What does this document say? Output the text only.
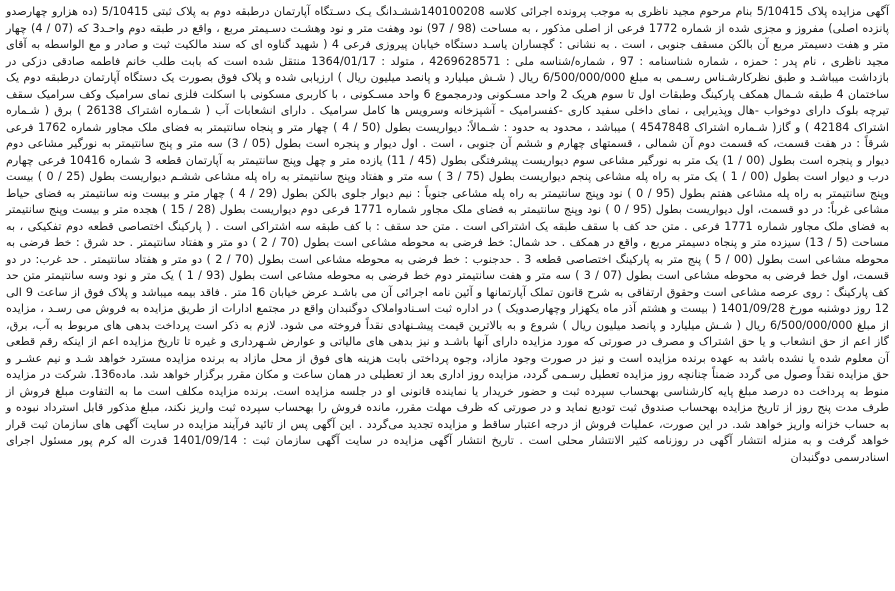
آگهی مزایده پلاک 5/10415 بنام مرحوم مجید ناظری به موجب پرونده اجرائی کلاسه 140100208ششـدانگ یـک دسـتگاه آپارتمان درطبقه دوم به پلاک ثبتی 5/10415 (ده هزارو چهارصدو پانزده اصلی) مفروز و مجزی شده از شماره 1772 فرعی از اصلی مذکور ، به مساحت (98 / 97) نود وهفت متر و نود وهشـت دسـیمتر مربع ، واقع در طبقه دوم واحـد3 که (07 / 4) چهار متر و هفت دسیمتر مربع آن بالکن مسقف جنوبی ، است . به نشانی : گچساران یاسـد دستگاه خیابان پیروزی فرعی 4 ( شهید گناوه ای که سند مالکیت ثبت و صادر و مع الواسطه به آقای مجید ناظری ، نام پدر : حمزه ، شماره شناسنامه : 97 ، شماره/شناسه ملی : 4269628571 ، متولد : 1364/01/17 منتقل شده است که بابت طلب خانم فاطمه صادقی دزکی در بازداشت میباشـد و طبق نظرکارشـناس رسـمی به مبلغ 6/500/000/000 ریال ( شـش میلیارد و پانصد میلیون ریال ) ارزیابی شده و پلاک فوق بصورت یک دستگاه آپارتمان درطبقه دوم یک ساختمان 4 طبقه شـمال همکف پارکینگ وطبقات اول تا سوم هریک 2 واحد مسـکونی ودرمجموع 6 واحد مسـکونی ، با کاربری مسکونی با اسکلت فلزی نمای سرامیک وکف سرامیک سقف تیرچه بلوک دارای دوخواب -هال وپذیرایی ، نمای داخلی سفید کاری -کفسرامیک - آشپزخانه وسرویس ها کامل سرامیک . دارای انشعابات آب ( شـماره اشتراک 26138 ) برق ( شـماره اشتراک 42184 ) و گاز( شـماره اشتراک 4547848 ) میباشد ، محدود به حدود : شـمالاً: دیواریست بطول (50 / 4 ) چهار متر و پنجاه سانتیمتر به فضای ملک مجاور شماره 1762 فرعی شرقاً : در هفت قسمت، که قسمت دوم آن شمالی ، قسمتهای چهارم و ششم آن جنوبی ، است . اول دیوار و پنجره است بطول (05 / 3) سه متر و پنج سانتیمتر به نورگیر مشاعی دوم دیوار و پنجره است بطول (00 / 1) یک متر به نورگیر مشاعی سوم دیواریست پیشرفتگی بطول (45 / 11) یازده متر و چهل وپنج سانتیمتر به آپارتمان قطعه 3 شماره 10416 فرعی چهارم درب و دیوار است بطول (00 / 1 ) یک متر به راه پله مشاعی پنجم دیواریست بطول (75 / 3 ) سه متر و هفتاد وپنج سانتیمتر به راه پله مشاعی ششـم دیواریست بطول (25 / 0 ) بیست وپنج سانتیمتر به راه پله مشاعی هفتم بطول (95 / 0 ) نود وپنج سانتیمتر به راه پله مشاعی جنوباً : نیم دیوار جلوی بالکن بطول (29 / 4 ) چهار متر و بیست ونه سانتیمتر به فضای حیاط مشاعی غرباً: در دو قسمت، اول دیواریست بطول (95 / 0 ) نود وپنج سانتیمتر به فضای ملک مجاور شماره 1771 فرعی دوم دیواریست بطول (28 / 15 ) هجده متر و بیست وپنج سانتیمتر به فضای ملک مجاور شماره 1771 فرعی . متن حد کف با سقف طبقه یک اشتراکی است . متن حد سقف : با کف طبقه سه اشتراکی است . ( پارکینگ اختصاصی قطعه دوم تفکیکی ، به مساحت (5 / 13) سیزده متر و پنجاه دسیمتر مربع ، واقع در همکف . حد شمال: خط فرضی به محوطه مشاعی است بطول (70 / 2 ) دو متر و هفتاد سانتیمتر . حد شرق : خط فرضی به محوطه مشاعی است بطول (00 / 5 ) پنج متر به پارکینگ اختصاصی قطعه 3 . حدجنوب : خط فرضی به محوطه مشاعی است بطول (70 / 2 ) دو متر و هفتاد سانتیمتر . حد غرب: در دو قسمت، اول خط فرضی به محوطه مشاعی است بطول (07 / 3 ) سه متر و هفت سانتیمتر دوم خط فرضی به محوطه مشاعی است بطول (93 / 1 ) یک متر و نود وسه سانتیمتر متن حد کف پارکینگ : روی عرصه مشاعی است وحقوق ارتفاقی به شرح قانون تملک آپارتمانها و آئین نامه اجرائی آن می باشـد عرض خیابان 16 متر . فاقد بیمه میباشد و پلاک فوق از ساعت 9 الی 12 روز دوشنبه مورخ 1401/09/28 ( بیست و هشتم آذر ماه یکهزار وچهارصدویک ) در اداره ثبت اسـنادواملاک دوگنبدان واقع در مجتمع ادارات از طریق مزایده به فروش می رسـد ، مزایده از مبلغ 6/500/000/000 ریال ( شـش میلیارد و پانصد میلیون ریال ) شروع و به بالاترین قیمت پیشـنهادی نقداً فروخته می شود. لازم به ذکر است پرداخت بدهی های مربوط به آب، برق، گاز اعم از حق انشعاب و یا حق اشتراک و مصرف در صورتی که مورد مزایده دارای آنها باشـد و نیز بدهی های مالیاتی و عوارض شـهرداری و غیره تا تاریخ مزایده اعم از اینکه رقم قطعی آن معلوم شده یا نشده باشد به عهده برنده مزایده است و نیز در صورت وجود مازاد، وجوه پرداختی بابت هزینه های فوق از محل مازاد به برنده مزایده مسترد خواهد شـد و نیم عشـر و حق مزایده نقداً وصول می گردد ضمناً چنانچه روز مزایده تعطیل رسـمی گردد، مزایده روز اداری بعد از تعطیلی در همان ساعت و مکان مقرر برگزار خواهد شد. ماده136. شرکت در مزایده منوط به پرداخت ده درصد مبلغ پایه کارشناسی بهحساب سپرده ثبت و حضور خریدار یا نماینده قانونی او در جلسه مزایده است. برنده مزایده مکلف است ما به التفاوت مبلغ فروش از طرف مدت پنج روز از تاریخ مزایده بهحساب صندوق ثبت تودیع نماید و در صورتی که ظرف مهلت مقرر، مانده فروش را بهحساب سپرده ثبت واریز نکند، مبلغ مذکور قابل استرداد نبوده و به حساب خزانه واریز خواهد شد. در این صورت، عملیات فروش از درجه اعتبار ساقط و مزایده تجدید می‌گردد . این آگهی پس از تائید فرآیند مزایده در سایت آگهی های سازمان ثبت قرار خواهد گرفت و به منزله انتشار آگهی در روزنامه کثیر الانتشار محلی است . تاریخ انتشار آگهی مزایده در سایت آگهی سازمان ثبت : 1401/09/14 قدرت اله کرم پور مسئول اجرای اسنادرسمی دوگنبدان
